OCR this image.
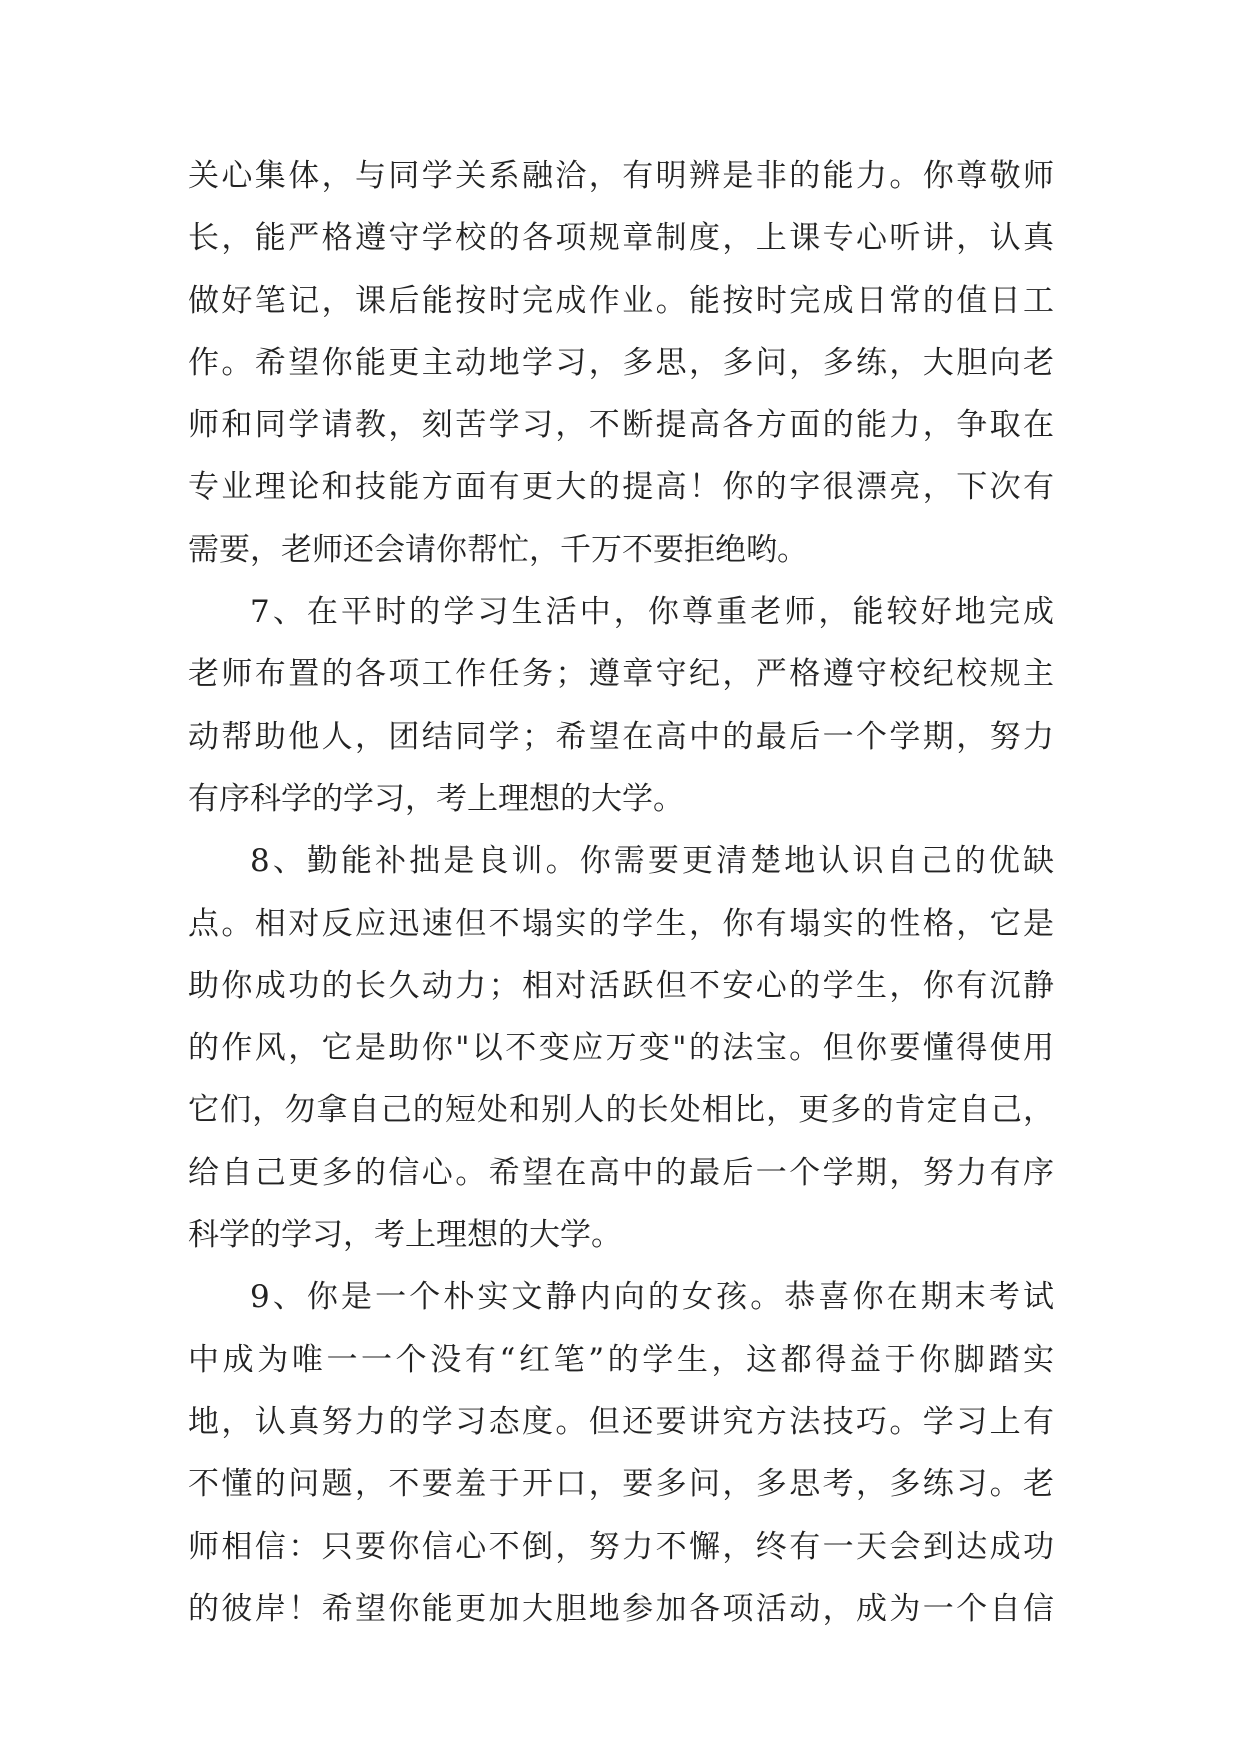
关心集体，与同学关系融洽，有明辨是非的能力。你尊敬师
长，能严格遵守学校的各项规章制度，上课专心听讲，认真
做好笔记，课后能按时完成作业。能按时完成日常的值日工
作。希望你能更主动地学习，多思，多问，多练，大胆向老
师和同学请教，刻苦学习，不断提高各方面的能力，争取在
专业理论和技能方面有更大的提高！你的字很漂亮，下次有
需要，老师还会请你帮忙，千万不要拒绝哟。
7、在平时的学习生活中，你尊重老师，能较好地完成
老师布置的各项工作任务；遵章守纪，严格遵守校纪校规主
动帮助他人，团结同学；希望在高中的最后一个学期，努力
有序科学的学习，考上理想的大学。
8、勤能补拙是良训。你需要更清楚地认识自己的优缺
点。相对反应迅速但不塌实的学生，你有塌实的性格，它是
助你成功的长久动力；相对活跃但不安心的学生，你有沉静
的作风，它是助你"以不变应万变"的法宝。但你要懂得使用
它们，勿拿自己的短处和别人的长处相比，更多的肯定自己，
给自己更多的信心。希望在高中的最后一个学期，努力有序
科学的学习，考上理想的大学。
9、你是一个朴实文静内向的女孩。恭喜你在期末考试
中成为唯一一个没有“红笔”的学生，这都得益于你脚踏实
地，认真努力的学习态度。但还要讲究方法技巧。学习上有
不懂的问题，不要羞于开口，要多问，多思考，多练习。老
师相信：只要你信心不倒，努力不懈，终有一天会到达成功
的彼岸！希望你能更加大胆地参加各项活动，成为一个自信
